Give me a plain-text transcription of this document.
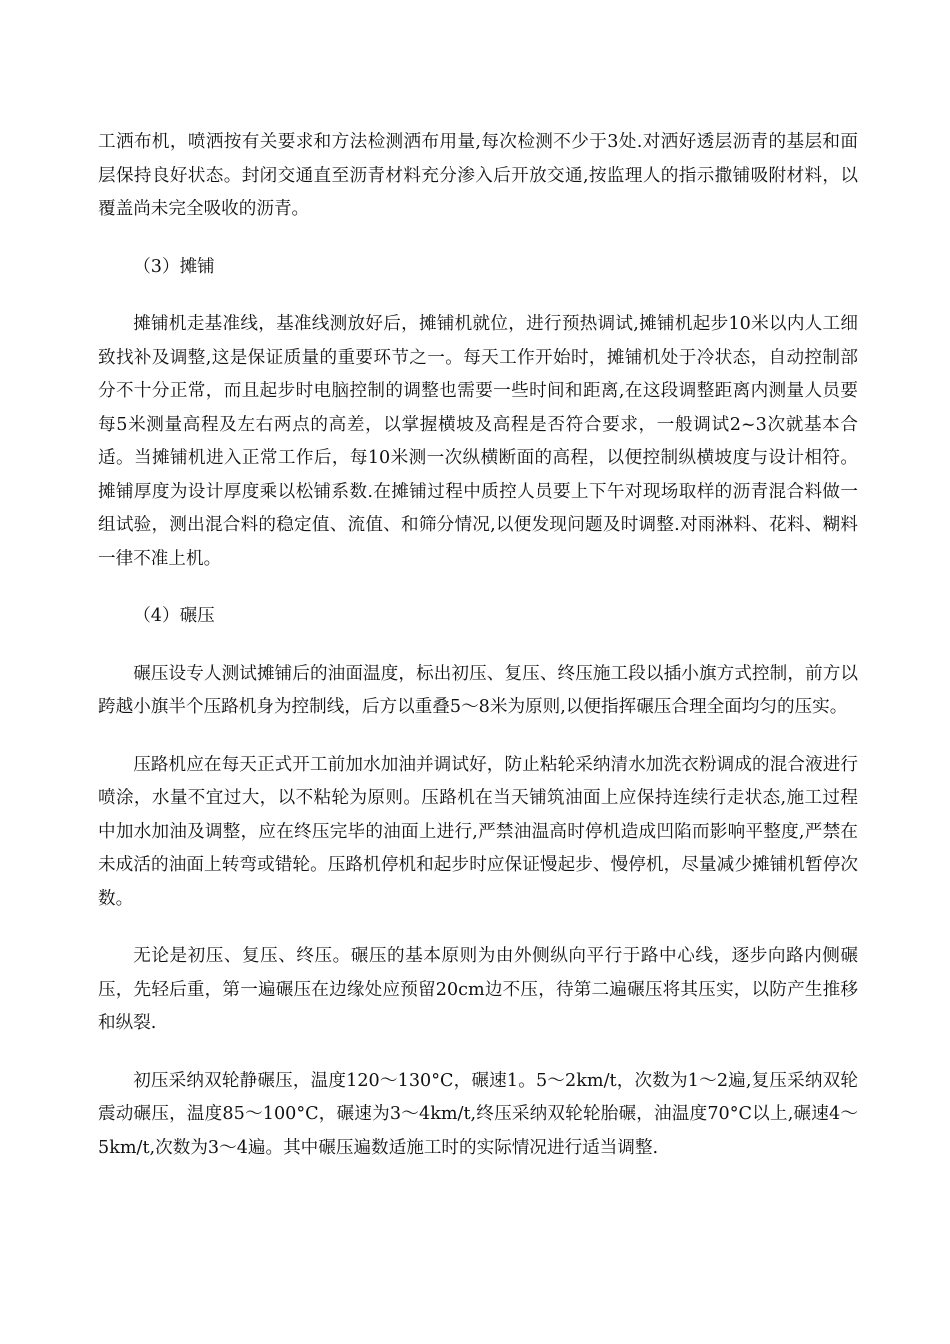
工洒布机，喷洒按有关要求和方法检测洒布用量,每次检测不少于3处.对洒好透层沥青的基层和面层保持良好状态。封闭交通直至沥青材料充分渗入后开放交通,按监理人的指示撒铺吸附材料，以覆盖尚未完全吸收的沥青。

（3）摊铺

摊铺机走基准线，基准线测放好后，摊铺机就位，进行预热调试,摊铺机起步10米以内人工细致找补及调整,这是保证质量的重要环节之一。每天工作开始时，摊铺机处于冷状态，自动控制部分不十分正常，而且起步时电脑控制的调整也需要一些时间和距离,在这段调整距离内测量人员要每5米测量高程及左右两点的高差，以掌握横坡及高程是否符合要求，一般调试2~3次就基本合适。当摊铺机进入正常工作后，每10米测一次纵横断面的高程，以便控制纵横坡度与设计相符。摊铺厚度为设计厚度乘以松铺系数.在摊铺过程中质控人员要上下午对现场取样的沥青混合料做一组试验，测出混合料的稳定值、流值、和筛分情况,以便发现问题及时调整.对雨淋料、花料、糊料一律不准上机。

（4）碾压

碾压设专人测试摊铺后的油面温度，标出初压、复压、终压施工段以插小旗方式控制，前方以跨越小旗半个压路机身为控制线，后方以重叠5～8米为原则,以便指挥碾压合理全面均匀的压实。

压路机应在每天正式开工前加水加油并调试好，防止粘轮采纳清水加洗衣粉调成的混合液进行喷涂，水量不宜过大，以不粘轮为原则。压路机在当天铺筑油面上应保持连续行走状态,施工过程中加水加油及调整，应在终压完毕的油面上进行,严禁油温高时停机造成凹陷而影响平整度,严禁在未成活的油面上转弯或错轮。压路机停机和起步时应保证慢起步、慢停机，尽量减少摊铺机暂停次数。

无论是初压、复压、终压。碾压的基本原则为由外侧纵向平行于路中心线，逐步向路内侧碾压，先轻后重，第一遍碾压在边缘处应预留20cm边不压，待第二遍碾压将其压实，以防产生推移和纵裂.

初压采纳双轮静碾压，温度120～130°C，碾速1。5～2km/t，次数为1～2遍,复压采纳双轮震动碾压，温度85～100°C，碾速为3～4km/t,终压采纳双轮轮胎碾，油温度70°C以上,碾速4～5km/t,次数为3～4遍。其中碾压遍数适施工时的实际情况进行适当调整.
